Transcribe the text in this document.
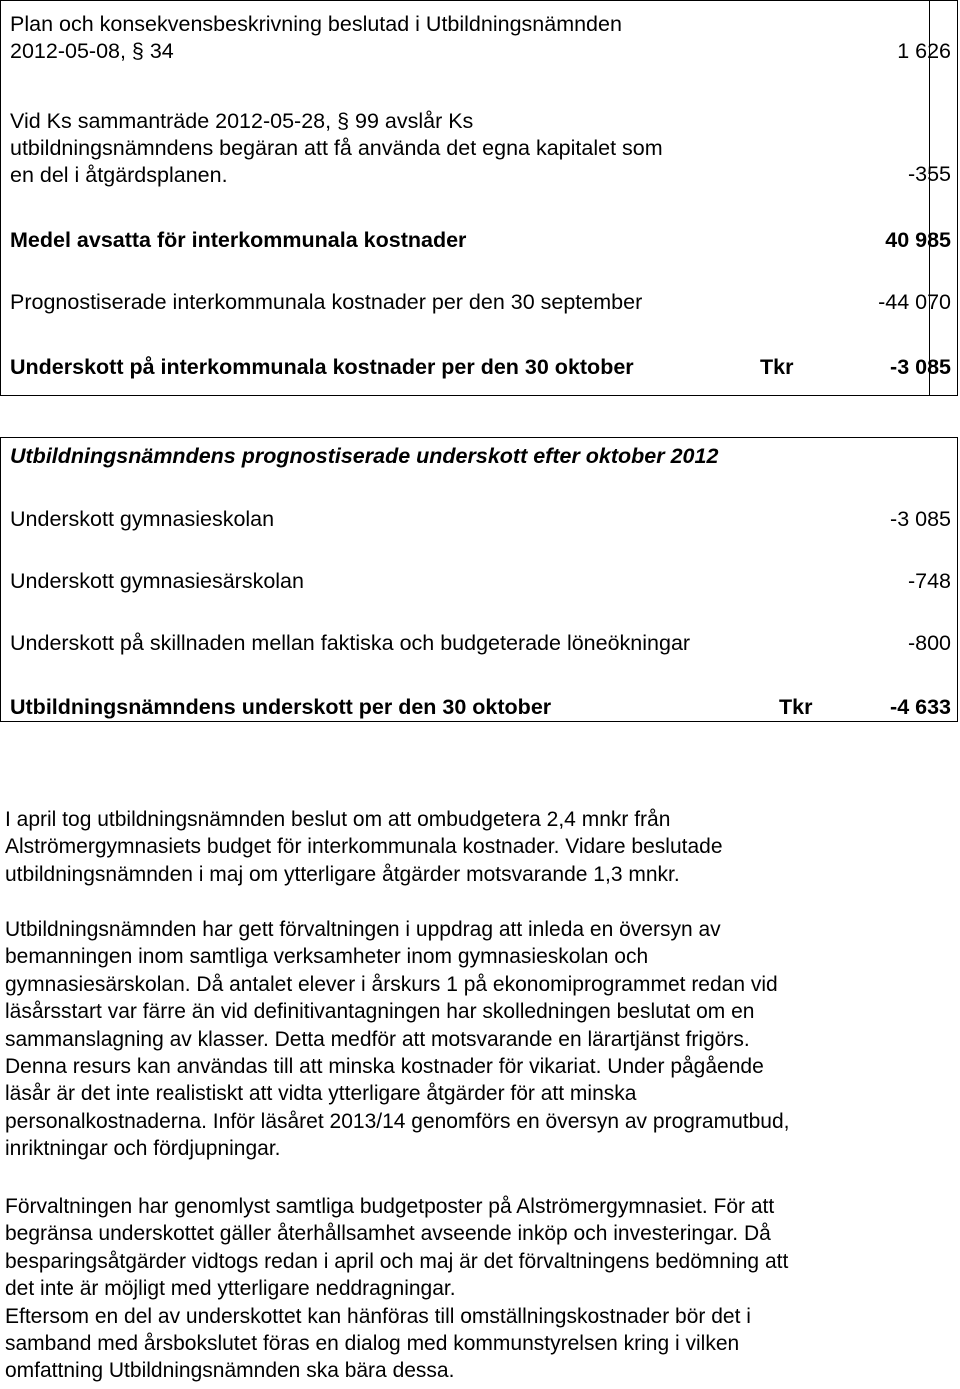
Plan och konsekvensbeskrivning beslutad i Utbildningsnämnden
2012-05-08, § 34	1 626
Vid Ks sammanträde 2012-05-28, § 99 avslår Ks
utbildningsnämndens begäran att få använda det egna kapitalet som
en del i åtgärdsplanen.	-355
Medel avsatta för interkommunala kostnader	40 985
Prognostiserade interkommunala kostnader per den 30 september	-44 070
Underskott på interkommunala kostnader per den 30 oktober	Tkr	-3 085
Utbildningsnämndens prognostiserade underskott efter oktober 2012
Underskott gymnasieskolan	-3 085
Underskott gymnasiesärskolan	-748
Underskott på skillnaden mellan faktiska och budgeterade löneökningar	-800
Utbildningsnämndens underskott per den 30 oktober	Tkr	-4 633
I april tog utbildningsnämnden beslut om att ombudgetera 2,4 mnkr från
Alströmergymnasiets budget för interkommunala kostnader. Vidare beslutade
utbildningsnämnden i maj om ytterligare åtgärder motsvarande 1,3 mnkr.
Utbildningsnämnden har gett förvaltningen i uppdrag att inleda en översyn av
bemanningen inom samtliga verksamheter inom gymnasieskolan och
gymnasiesärskolan. Då antalet elever i årskurs 1 på ekonomiprogrammet redan vid
läsårsstart var färre än vid definitivantagningen har skolledningen beslutat om en
sammanslagning av klasser. Detta medför att motsvarande en lärartjänst frigörs.
Denna resurs kan användas till att minska kostnader för vikariat. Under pågående
läsår är det inte realistiskt att vidta ytterligare åtgärder för att minska
personalkostnaderna. Inför läsåret 2013/14 genomförs en översyn av programutbud,
inriktningar och fördjupningar.
Förvaltningen har genomlyst samtliga budgetposter på Alströmergymnasiet. För att
begränsa underskottet gäller återhållsamhet avseende inköp och investeringar. Då
besparingsåtgärder vidtogs redan i april och maj är det förvaltningens bedömning att
det inte är möjligt med ytterligare neddragningar.
Eftersom en del av underskottet kan hänföras till omställningskostnader bör det i
samband med årsbokslutet föras en dialog med kommunstyrelsen kring i vilken
omfattning Utbildningsnämnden ska bära dessa.
